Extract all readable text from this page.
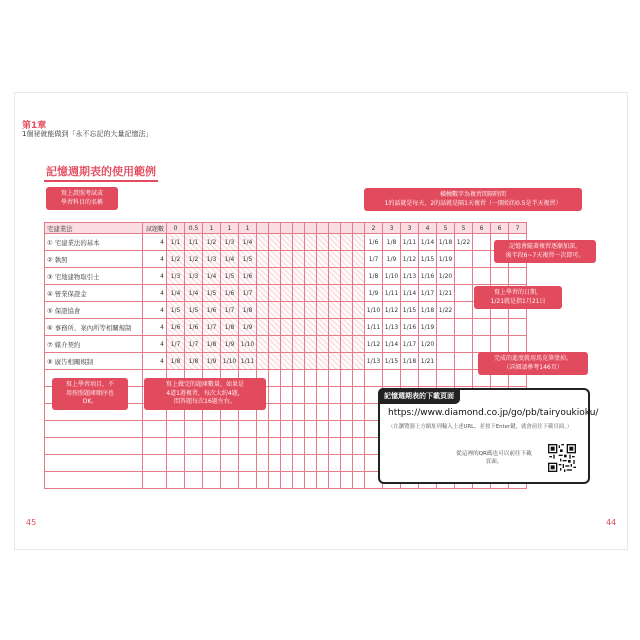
第1章
1個祕就能做到「永不忘記的大量記憶法」
記憶週期表的使用範例
宅建業法	試題數	0	0.5	1	1	1										2	3	3	4	5	5	6	6	7
① 宅建業法的基本	4	1/1	1/1	1/2	1/3	1/4										1/6	1/8	1/11	1/14	1/18	1/22			
② 執照	4	1/2	1/2	1/3	1/4	1/5										1/7	1/9	1/12	1/15	1/19				
③ 宅地建物取引士	4	1/3	1/3	1/4	1/5	1/6										1/8	1/10	1/13	1/16	1/20				
④ 營業保證金	4	1/4	1/4	1/5	1/6	1/7										1/9	1/11	1/14	1/17	1/21				
⑤ 保證協會	4	1/5	1/5	1/6	1/7	1/8										1/10	1/12	1/15	1/18	1/22				
⑥ 事務所、案內所等相關規制	4	1/6	1/6	1/7	1/8	1/9										1/11	1/13	1/16	1/19					
⑦ 媒介契約	4	1/7	1/7	1/8	1/9	1/10										1/12	1/14	1/17	1/20					
⑧ 廣告相關規制	4	1/8	1/8	1/9	1/10	1/11										1/13	1/15	1/18	1/21					

寫上證照考試或
學習科目的名稱
橫軸數字為複習間隔時間
1的話就是每天，2的話就是隔1天複習（一開始的0.5是半天複習）
記憶會隨著複習逐漸加深，
後半段6~7天複習一次即可。
寫上學習的日期，
1/21就是指1月21日
完成的進度就用馬克筆塗掉。
（詳細請參考146頁）
寫上學習項目，不
用按照題庫順序也
OK。
寫上做完的題庫數量，如果是
4道1週複習，每次大約4題，
問答題每次16題左右。
記憶週期表的下載頁面
https://www.diamond.co.jp/go/pb/tairyoukioku/
（在瀏覽器上方網址列輸入上述URL，並按下Enter鍵，就會前往下載頁面。）
從這裡的QR碼也可以前往下載頁面。
45	44
